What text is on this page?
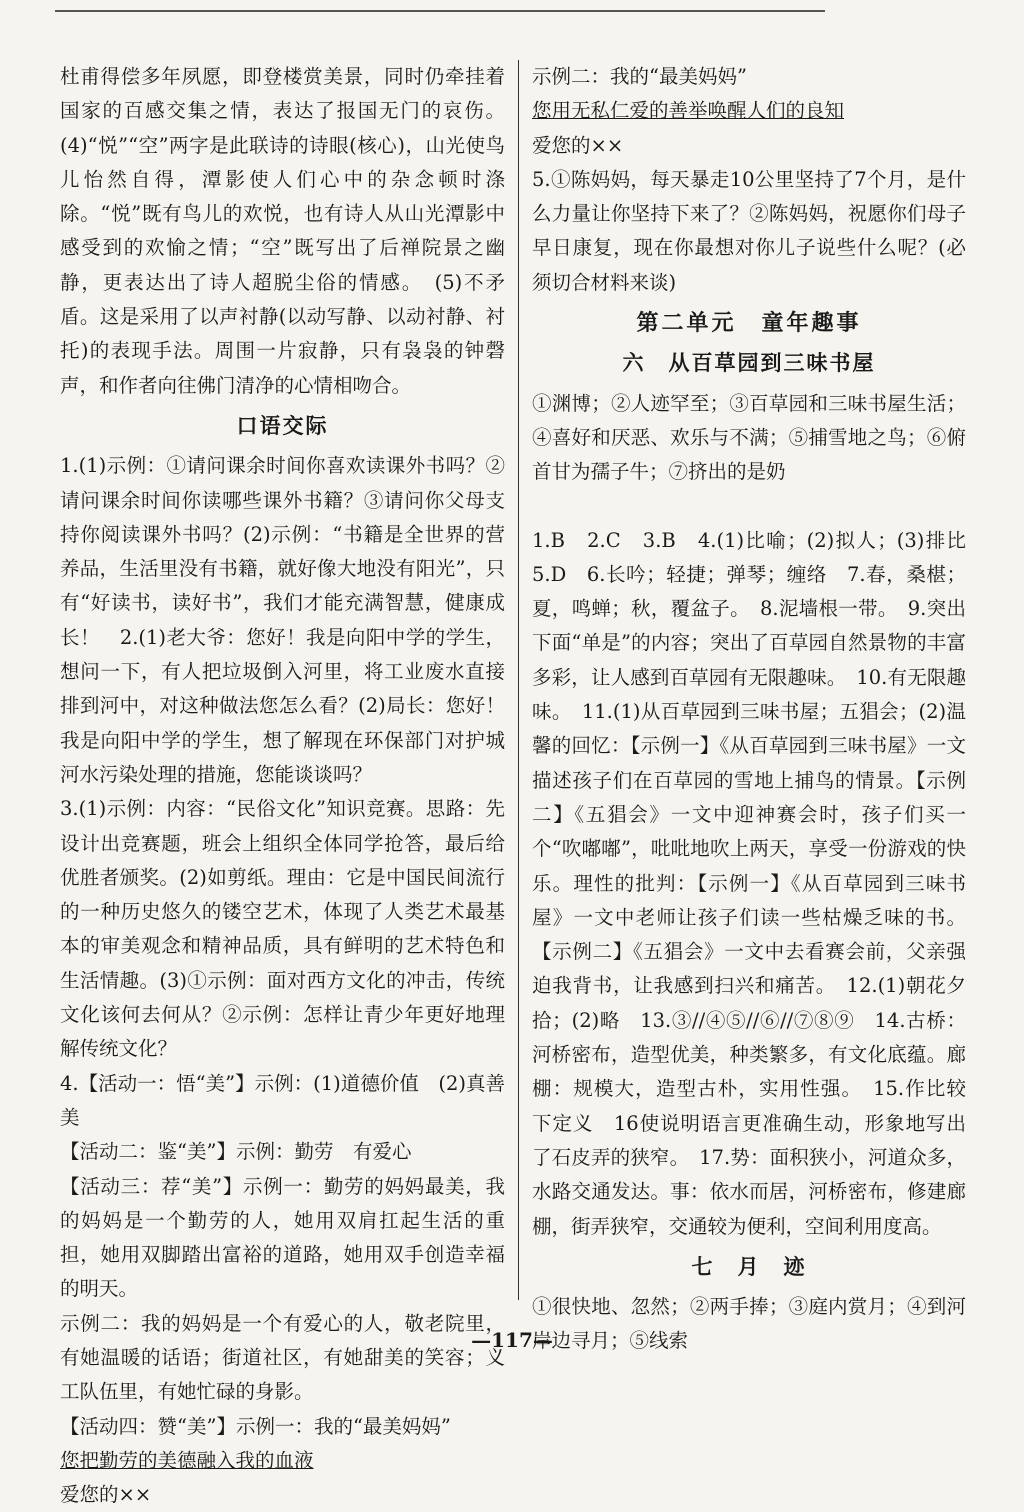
杜甫得偿多年夙愿，即登楼赏美景，同时仍牵挂着国家的百感交集之情，表达了报国无门的哀伤。(4)“悦”“空”两字是此联诗的诗眼(核心)，山光使鸟儿怡然自得，潭影使人们心中的杂念顿时涤除。“悦”既有鸟儿的欢悦，也有诗人从山光潭影中感受到的欢愉之情；“空”既写出了后禅院景之幽静，更表达出了诗人超脱尘俗的情感。　(5)不矛盾。这是采用了以声衬静(以动写静、以动衬静、衬托)的表现手法。周围一片寂静，只有袅袅的钟磬声，和作者向往佛门清净的心情相吻合。

口语交际

1.(1)示例：①请问课余时间你喜欢读课外书吗？②请问课余时间你读哪些课外书籍？③请问你父母支持你阅读课外书吗？(2)示例：“书籍是全世界的营养品，生活里没有书籍，就好像大地没有阳光”，只有“好读书，读好书”，我们才能充满智慧，健康成长！　2.(1)老大爷：您好！我是向阳中学的学生，想问一下，有人把垃圾倒入河里，将工业废水直接排到河中，对这种做法您怎么看？(2)局长：您好！我是向阳中学的学生，想了解现在环保部门对护城河水污染处理的措施，您能谈谈吗？

3.(1)示例：内容：“民俗文化”知识竞赛。思路：先设计出竞赛题，班会上组织全体同学抢答，最后给优胜者颁奖。(2)如剪纸。理由：它是中国民间流行的一种历史悠久的镂空艺术，体现了人类艺术最基本的审美观念和精神品质，具有鲜明的艺术特色和生活情趣。(3)①示例：面对西方文化的冲击，传统文化该何去何从？②示例：怎样让青少年更好地理解传统文化？

4.【活动一：悟“美”】示例：(1)道德价值　(2)真善美

【活动二：鉴“美”】示例：勤劳　有爱心

【活动三：荐“美”】示例一：勤劳的妈妈最美，我的妈妈是一个勤劳的人，她用双肩扛起生活的重担，她用双脚踏出富裕的道路，她用双手创造幸福的明天。

示例二：我的妈妈是一个有爱心的人，敬老院里，有她温暖的话语；街道社区，有她甜美的笑容；义工队伍里，有她忙碌的身影。

【活动四：赞“美”】示例一：我的“最美妈妈”

您把勤劳的美德融入我的血液

爱您的××

示例二：我的“最美妈妈”

您用无私仁爱的善举唤醒人们的良知

爱您的××

5.①陈妈妈，每天暴走10公里坚持了7个月，是什么力量让你坚持下来了？②陈妈妈，祝愿你们母子早日康复，现在你最想对你儿子说些什么呢？(必须切合材料来谈)

第二单元　童年趣事
六　从百草园到三味书屋

①渊博；②人迹罕至；③百草园和三味书屋生活；④喜好和厌恶、欢乐与不满；⑤捕雪地之鸟；⑥俯首甘为孺子牛；⑦挤出的是奶

1.B　2.C　3.B　4.(1)比喻；(2)拟人；(3)排比　5.D　6.长吟；轻捷；弹琴；缠络　7.春，桑椹；夏，鸣蝉；秋，覆盆子。　8.泥墙根一带。　9.突出下面“单是”的内容；突出了百草园自然景物的丰富多彩，让人感到百草园有无限趣味。　10.有无限趣味。　11.(1)从百草园到三味书屋；五猖会；(2)温馨的回忆：【示例一】《从百草园到三味书屋》一文描述孩子们在百草园的雪地上捕鸟的情景。【示例二】《五猖会》一文中迎神赛会时，孩子们买一个“吹嘟嘟”，吡吡地吹上两天，享受一份游戏的快乐。理性的批判：【示例一】《从百草园到三味书屋》一文中老师让孩子们读一些枯燥乏味的书。【示例二】《五猖会》一文中去看赛会前，父亲强迫我背书，让我感到扫兴和痛苦。　12.(1)朝花夕拾；(2)略　13.③//④⑤//⑥//⑦⑧⑨　14.古桥：河桥密布，造型优美，种类繁多，有文化底蕴。廊棚：规模大，造型古朴，实用性强。　15.作比较　下定义　16使说明语言更准确生动，形象地写出了石皮弄的狭窄。　17.势：面积狭小，河道众多，水路交通发达。事：依水而居，河桥密布，修建廊棚，街弄狭窄，交通较为便利，空间利用度高。

七　月　迹

①很快地、忽然；②两手捧；③庭内赏月；④到河岸边寻月；⑤线索

—117—
